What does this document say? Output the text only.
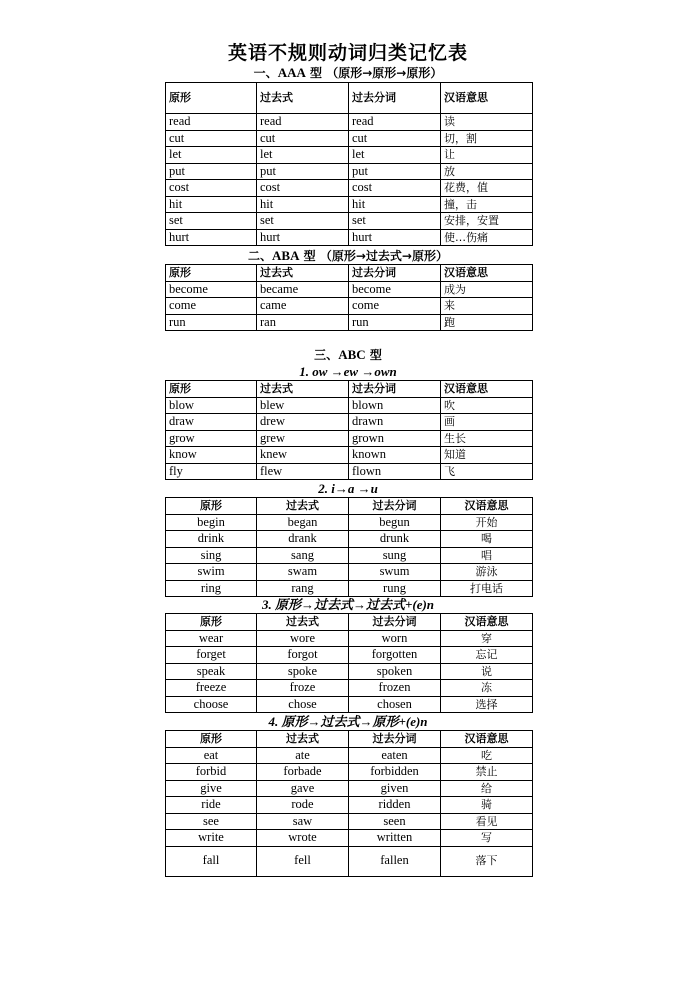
英语不规则动词归类记忆表
一、AAA 型 （原形→原形→原形）
原形	过去式	过去分词	汉语意思
read	read	read	读
cut	cut	cut	切，割
let	let	let	让
put	put	put	放
cost	cost	cost	花费，值
hit	hit	hit	撞，击
set	set	set	安排，安置
hurt	hurt	hurt	使…伤痛
二、ABA 型 （原形→过去式→原形）
原形	过去式	过去分词	汉语意思
become	became	become	成为
come	came	come	来
run	ran	run	跑
三、ABC 型
1. ow →ew →own
原形	过去式	过去分词	汉语意思
blow	blew	blown	吹
draw	drew	drawn	画
grow	grew	grown	生长
know	knew	known	知道
fly	flew	flown	飞
2. i→a →u
原形	过去式	过去分词	汉语意思
begin	began	begun	开始
drink	drank	drunk	喝
sing	sang	sung	唱
swim	swam	swum	游泳
ring	rang	rung	打电话
3. 原形→过去式→过去式+(e)n
原形	过去式	过去分词	汉语意思
wear	wore	worn	穿
forget	forgot	forgotten	忘记
speak	spoke	spoken	说
freeze	froze	frozen	冻
choose	chose	chosen	选择
4. 原形→过去式→原形+(e)n
原形	过去式	过去分词	汉语意思
eat	ate	eaten	吃
forbid	forbade	forbidden	禁止
give	gave	given	给
ride	rode	ridden	骑
see	saw	seen	看见
write	wrote	written	写
fall	fell	fallen	落下
